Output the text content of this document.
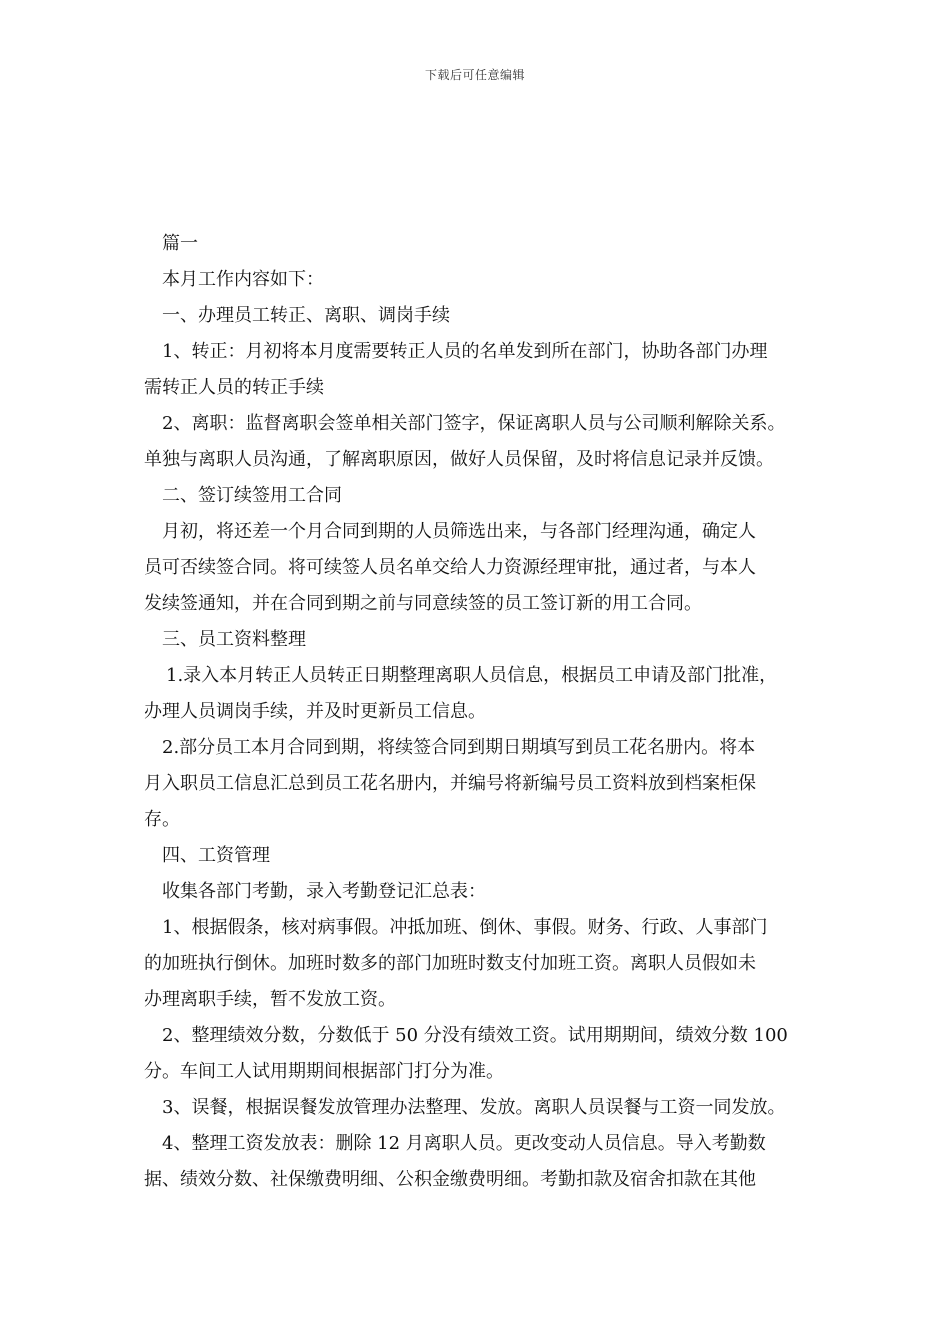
下载后可任意编辑
篇一
本月工作内容如下：
一、办理员工转正、离职、调岗手续
1、转正：月初将本月度需要转正人员的名单发到所在部门，协助各部门办理
需转正人员的转正手续
2、离职：监督离职会签单相关部门签字，保证离职人员与公司顺利解除关系。
单独与离职人员沟通，了解离职原因，做好人员保留，及时将信息记录并反馈。
二、签订续签用工合同
月初，将还差一个月合同到期的人员筛选出来，与各部门经理沟通，确定人
员可否续签合同。将可续签人员名单交给人力资源经理审批，通过者，与本人
发续签通知，并在合同到期之前与同意续签的员工签订新的用工合同。
三、员工资料整理
1.录入本月转正人员转正日期整理离职人员信息，根据员工申请及部门批准，
办理人员调岗手续，并及时更新员工信息。
2.部分员工本月合同到期，将续签合同到期日期填写到员工花名册内。将本
月入职员工信息汇总到员工花名册内，并编号将新编号员工资料放到档案柜保
存。
四、工资管理
收集各部门考勤，录入考勤登记汇总表：
1、根据假条，核对病事假。冲抵加班、倒休、事假。财务、行政、人事部门
的加班执行倒休。加班时数多的部门加班时数支付加班工资。离职人员假如未
办理离职手续，暂不发放工资。
2、整理绩效分数，分数低于 50 分没有绩效工资。试用期期间，绩效分数 100
分。车间工人试用期期间根据部门打分为准。
3、误餐，根据误餐发放管理办法整理、发放。离职人员误餐与工资一同发放。
4、整理工资发放表：删除 12 月离职人员。更改变动人员信息。导入考勤数
据、绩效分数、社保缴费明细、公积金缴费明细。考勤扣款及宿舍扣款在其他
